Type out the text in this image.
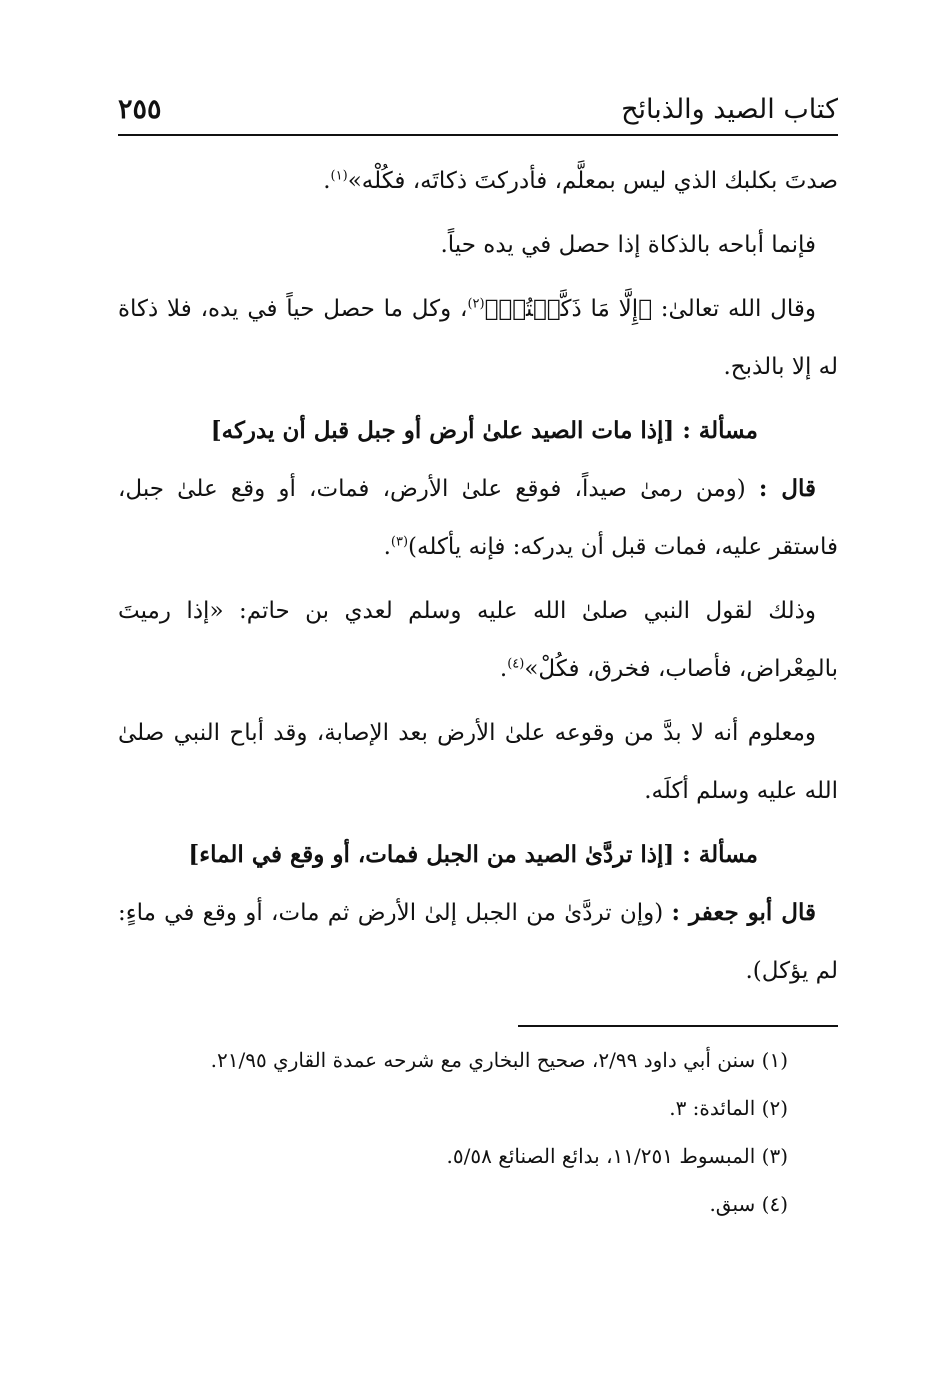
كتاب الصيد والذبائح
٢٥٥

صدتَ بكلبك الذي ليس بمعلَّم، فأدركتَ ذكاتَه، فكُلْه»$^{(١)}$.

فإنما أباحه بالذكاة إذا حصل في يده حياً.

وقال الله تعالىٰ: ﴿إِلَّا مَا ذَكَّيۡتُمۡ﴾$^{(٢)}$، وكل ما حصل حياً في يده، فلا ذكاة له إلا بالذبح.

مسألة : [إذا مات الصيد علىٰ أرض أو جبل قبل أن يدركه]

قال : (ومن رمىٰ صيداً، فوقع علىٰ الأرض، فمات، أو وقع علىٰ جبل، فاستقر عليه، فمات قبل أن يدركه: فإنه يأكله)$^{(٣)}$.

وذلك لقول النبي صلىٰ الله عليه وسلم لعدي بن حاتم: «إذا رميتَ بالمِعْراض، فأصاب، فخرق، فكُلْ»$^{(٤)}$.

ومعلوم أنه لا بدَّ من وقوعه علىٰ الأرض بعد الإصابة، وقد أباح النبي صلىٰ الله عليه وسلم أكلَه.

مسألة : [إذا تردَّىٰ الصيد من الجبل فمات، أو وقع في الماء]

قال أبو جعفر : (وإن تردَّىٰ من الجبل إلىٰ الأرض ثم مات، أو وقع في ماءٍ: لم يؤكل).

(١) سنن أبي داود ٢/٩٩، صحيح البخاري مع شرحه عمدة القاري ٢١/٩٥.

(٢) المائدة: ٣.

(٣) المبسوط ١١/٢٥١، بدائع الصنائع ٥/٥٨.

(٤) سبق.
